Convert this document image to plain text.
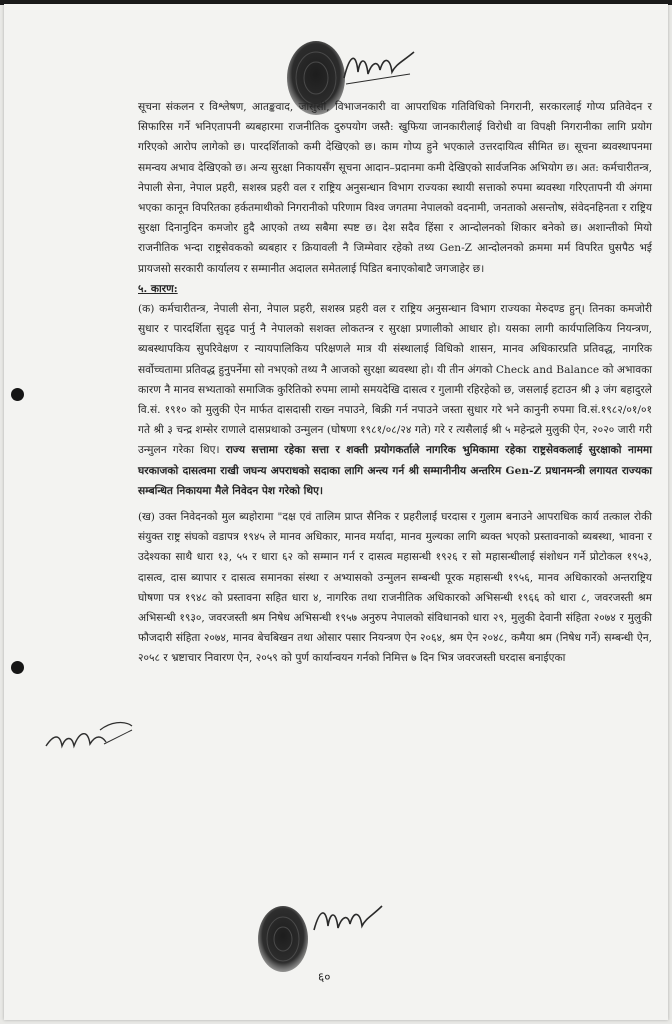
सूचना संकलन र विश्लेषण, आतङ्कवाद, जासुसी, विभाजनकारी वा आपराधिक गतिविधिको निगरानी, सरकारलाई गोप्य प्रतिवेदन र सिफारिस गर्ने भनिएतापनी ब्यबहारमा राजनीतिक दुरुपयोग जस्तै: खुफिया जानकारीलाई विरोधी वा विपक्षी निगरानीका लागि प्रयोग गरिएको आरोप लागेको छ। पारदर्शिताको कमी देखिएको छ। काम गोप्य हुने भएकाले उत्तरदायित्व सीमित छ। सूचना ब्यवस्थापनमा समन्वय अभाव देखिएको छ। अन्य सुरक्षा निकायसँग सूचना आदान–प्रदानमा कमी देखिएको सार्वजनिक अभियोग छ। अत: कर्मचारीतन्त्र, नेपाली सेना, नेपाल प्रहरी, सशस्त्र प्रहरी वल र राष्ट्रिय अनुसन्धान विभाग राज्यका स्थायी सत्ताको रुपमा ब्यवस्था गरिएतापनी यी अंगमा भएका कानून विपरितका हर्कतमाथीको निगरानीको परिणाम विश्व जगतमा नेपालको वदनामी, जनताको असन्तोष, संवेदनहिनता र राष्ट्रिय सुरक्षा दिनानुदिन कमजोर हुदै आएको तथ्य सबैमा स्पष्ट छ। देश सदैव हिंसा र आन्दोलनको शिकार बनेको छ। अशान्तीको मियो राजनीतिक भन्दा राष्ट्रसेवकको ब्यबहार र क्रियावली नै जिम्मेवार रहेको तथ्य Gen-Z आन्दोलनको क्रममा मर्म विपरित घुसपैठ भई प्रायजसो सरकारी कार्यालय र सम्मानीत अदालत समेतलाई पिडित बनाएकोबाटै जगजाहेर छ।

५. कारण:

(क) कर्मचारीतन्त्र, नेपाली सेना, नेपाल प्रहरी, सशस्त्र प्रहरी वल र राष्ट्रिय अनुसन्धान विभाग राज्यका मेरुदण्ड हुन्। तिनका कमजोरी सुधार र पारदर्शिता सुदृढ पार्नु नै नेपालको सशक्त लोकतन्त्र र सुरक्षा प्रणालीको आधार हो। यसका लागी कार्यपालिकिय नियन्त्रण, ब्यबस्थापकिय सुपरिवेक्षण र न्यायपालिकिय परिक्षणले मात्र यी संस्थालाई विधिको शासन, मानव अधिकारप्रति प्रतिवद्ध, नागरिक सर्वोच्चतामा प्रतिवद्ध हुनुपर्नेमा सो नभएको तथ्य नै आजको सुरक्षा ब्यवस्था हो। यी तीन अंगको Check and Balance को अभावका कारण नै मानव सभ्यताको समाजिक कुरितिको रुपमा लामो समयदेखि दासत्व र गुलामी रहिरहेको छ, जसलाई हटाउन श्री ३ जंग बहादुरले वि.सं. १९१० को मुलुकी ऐन मार्फत दासदासी राख्न नपाउने, बिक्री गर्न नपाउने जस्ता सुधार गरे भने कानुनी रुपमा वि.सं.१९८२/०१/०१ गते श्री ३ चन्द्र शम्सेर राणाले दासप्रथाको उन्मुलन (घोषणा १९८१/०८/२४ गते) गरे र त्यसैलाई श्री ५ महेन्द्रले मुलुकी ऐन, २०२० जारी गरी उन्मुलन गरेका थिए। राज्य सत्तामा रहेका सत्ता र शक्ती प्रयोगकर्ताले नागरिक भुमिकामा रहेका राष्ट्रसेवकलाई सुरक्षाको नाममा घरकाजको दासत्वमा राखी जघन्य अपराधको सदाका लागि अन्त्य गर्न श्री सम्मानीनीय अन्तरिम Gen-Z प्रधानमन्त्री लगायत राज्यका सम्बन्धित निकायमा मैले निवेदन पेश गरेको थिए।

(ख) उक्त निवेदनको मुल ब्यहोरामा "दक्ष एवं तालिम प्राप्त सैनिक र प्रहरीलाई घरदास र गुलाम बनाउने आपराधिक कार्य तत्काल रोकी संयुक्त राष्ट्र संघको वडापत्र १९४५ ले मानव अधिकार, मानव मर्यादा, मानव मुल्यका लागि ब्यक्त भएको प्रस्तावनाको ब्यबस्था, भावना र उदेश्यका साथै धारा १३, ५५ र धारा ६२ को सम्मान गर्न र दासत्व महासन्धी १९२६ र सो महासन्धीलाई संशोधन गर्ने प्रोटोकल १९५३, दासत्व, दास ब्यापार र दासत्व समानका संस्था र अभ्यासको उन्मुलन सम्बन्धी पूरक महासन्धी १९५६, मानव अधिकारको अन्तराष्ट्रिय घोषणा पत्र १९४८ को प्रस्तावना सहित धारा ४, नागरिक तथा राजनीतिक अधिकारको अभिसन्धी १९६६ को धारा ८, जवरजस्ती श्रम अभिसन्धी १९३०, जवरजस्ती श्रम निषेध अभिसन्धी १९५७ अनुरुप नेपालको संविधानको धारा २९, मुलुकी देवानी संहिता २०७४ र मुलुकी फौजदारी संहिता २०७४, मानव बेचबिखन तथा ओसार पसार नियन्त्रण ऐन २०६४, श्रम ऐन २०४८, कमैया श्रम (निषेध गर्ने) सम्बन्धी ऐन, २०५८ र भ्रष्टाचार निवारण ऐन, २०५९ को पुर्ण कार्यान्वयन गर्नको निमित्त ७ दिन भित्र जवरजस्ती घरदास बनाईएका

६०
